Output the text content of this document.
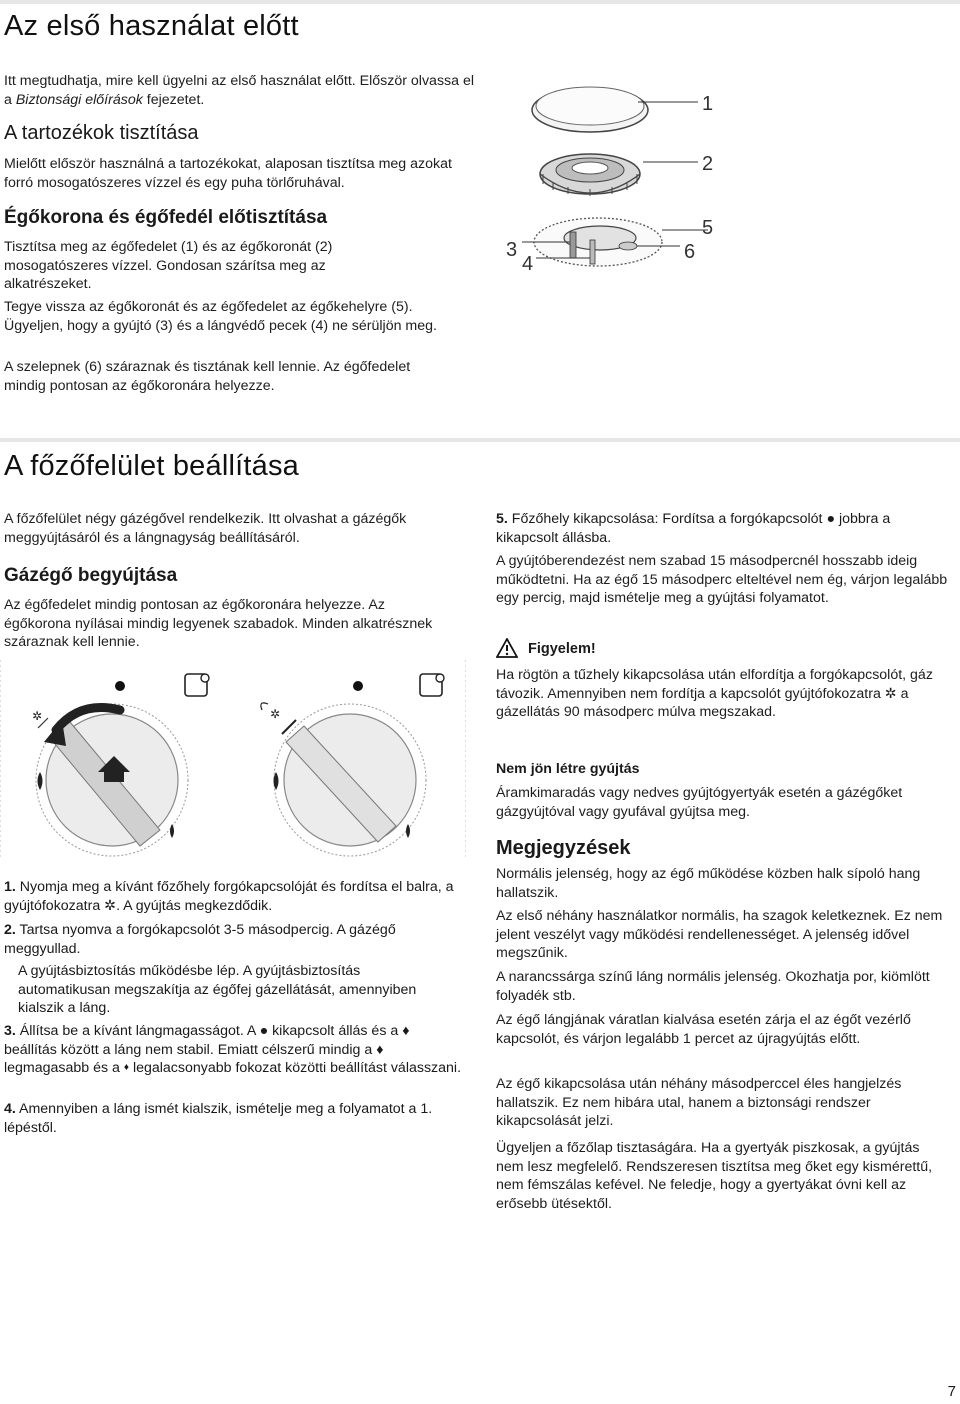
Az első használat előtt

Itt megtudhatja, mire kell ügyelni az első használat előtt. Először olvassa el a Biztonsági előírások fejezetet.

A tartozékok tisztítása

Mielőtt először használná a tartozékokat, alaposan tisztítsa meg azokat forró mosogatószeres vízzel és egy puha törlőruhával.

Égőkorona és égőfedél előtisztítása

Tisztítsa meg az égőfedelet (1) és az égőkoronát (2) mosogatószeres vízzel. Gondosan szárítsa meg az alkatrészeket.

Tegye vissza az égőkoronát és az égőfedelet az égőkehelyre (5). Ügyeljen, hogy a gyújtó (3) és a lángvédő pecek (4) ne sérüljön meg.

A szelepnek (6) száraznak és tisztának kell lennie. Az égőfedelet mindig pontosan az égőkoronára helyezze.

1
2
3
4
5
6
A főzőfelület beállítása

A főzőfelület négy gázégővel rendelkezik. Itt olvashat a gázégők meggyújtásáról és a lángnagyság beállításáról.

Gázégő begyújtása

Az égőfedelet mindig pontosan az égőkoronára helyezze. Az égőkorona nyílásai mindig legyenek szabadok. Minden alkatrésznek száraznak kell lennie.

✲	✲
1. Nyomja meg a kívánt főzőhely forgókapcsolóját és fordítsa el balra, a gyújtófokozatra ✲. A gyújtás megkezdődik.
2. Tartsa nyomva a forgókapcsolót 3-5 másodpercig. A gázégő meggyullad.
A gyújtásbiztosítás működésbe lép. A gyújtásbiztosítás automatikusan megszakítja az égőfej gázellátását, amennyiben kialszik a láng.
3. Állítsa be a kívánt lángmagasságot. A ● kikapcsolt állás és a ♦ beállítás között a láng nem stabil. Emiatt célszerű mindig a ♦ legmagasabb és a ♦ legalacsonyabb fokozat közötti beállítást válasszani.
4. Amennyiben a láng ismét kialszik, ismételje meg a folyamatot a 1. lépéstől.
5. Főzőhely kikapcsolása: Fordítsa a forgókapcsolót ● jobbra a kikapcsolt állásba.

A gyújtóberendezést nem szabad 15 másodpercnél hosszabb ideig működtetni. Ha az égő 15 másodperc elteltével nem ég, várjon legalább egy percig, majd ismételje meg a gyújtási folyamatot.

Figyelem!

Ha rögtön a tűzhely kikapcsolása után elfordítja a forgókapcsolót, gáz távozik. Amennyiben nem fordítja a kapcsolót gyújtófokozatra ✲ a gázellátás 90 másodperc múlva megszakad.

Nem jön létre gyújtás

Áramkimaradás vagy nedves gyújtógyertyák esetén a gázégőket gázgyújtóval vagy gyufával gyújtsa meg.

Megjegyzések

Normális jelenség, hogy az égő működése közben halk sípoló hang hallatszik.

Az első néhány használatkor normális, ha szagok keletkeznek. Ez nem jelent veszélyt vagy működési rendellenességet. A jelenség idővel megszűnik.

A narancssárga színű láng normális jelenség. Okozhatja por, kiömlött folyadék stb.

Az égő lángjának váratlan kialvása esetén zárja el az égőt vezérlő kapcsolót, és várjon legalább 1 percet az újragyújtás előtt.

Az égő kikapcsolása után néhány másodperccel éles hangjelzés hallatszik. Ez nem hibára utal, hanem a biztonsági rendszer kikapcsolását jelzi.

Ügyeljen a főzőlap tisztaságára. Ha a gyertyák piszkosak, a gyújtás nem lesz megfelelő. Rendszeresen tisztítsa meg őket egy kismérettű, nem fémszálas kefével. Ne feledje, hogy a gyertyákat óvni kell az erősebb ütésektől.

7
